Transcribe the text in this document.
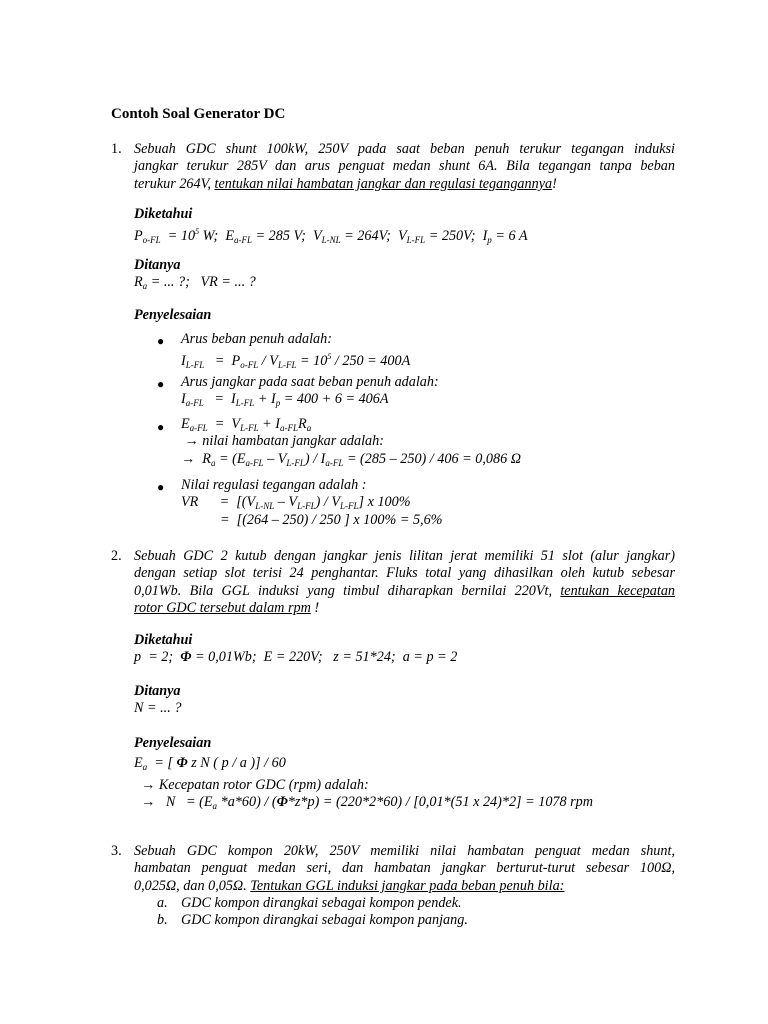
Contoh Soal Generator DC
1. Sebuah GDC shunt 100kW, 250V pada saat beban penuh terukur tegangan induksi
jangkar terukur 285V dan arus penguat medan shunt 6A. Bila tegangan tanpa beban
terukur 264V, tentukan nilai hambatan jangkar dan regulasi tegangannya!
Diketahui
$P_{o-FL} = 10^5$ W;  $E_{a-FL} = 285$ V;  $V_{L-NL} = 264V$;  $V_{L-FL} = 250V$;  $I_p = 6$ A
Ditanya
$R_a$ = ... ?;   VR = ... ?
Penyelesaian
● Arus beban penuh adalah:
$I_{L-FL} = P_{o-FL} / V_{L-FL} = 10^5 / 250 = 400A$
● Arus jangkar pada saat beban penuh adalah:
$I_{a-FL} = I_{L-FL} + I_p = 400 + 6 = 406A$
● $E_{a-FL} = V_{L-FL} + I_{a-FL}R_a$
→ nilai hambatan jangkar adalah:
→  $R_a = (E_{a-FL} - V_{L-FL}) / I_{a-FL} = (285 - 250) / 406 = 0,086$ Ω
● Nilai regulasi tegangan adalah :
VR      =  $[(V_{L-NL} - V_{L-FL}) / V_{L-FL}]$ x 100%
=  [(264 – 250) / 250 ] x 100% = 5,6%
2. Sebuah GDC 2 kutub dengan jangkar jenis lilitan jerat memiliki 51 slot (alur jangkar)
dengan setiap slot terisi 24 penghantar. Fluks total yang dihasilkan oleh kutub sebesar
0,01Wb. Bila GGL induksi yang timbul diharapkan bernilai 220Vt, tentukan kecepatan
rotor GDC tersebut dalam rpm !
Diketahui
p  = 2;  Φ = 0,01Wb;  E = 220V;   z = 51*24;  a = p = 2
Ditanya
N = ... ?
Penyelesaian
$E_a$  = [ Φ z N ( p / a )] / 60
→ Kecepatan rotor GDC (rpm) adalah:
→   $N = (E_a$ *a*60) / (Φ*z*p) = (220*2*60) / [0,01*(51 x 24)*2] = 1078 rpm
3. Sebuah GDC kompon 20kW, 250V memiliki nilai hambatan penguat medan shunt,
hambatan penguat medan seri, dan hambatan jangkar berturut-turut sebesar 100Ω,
0,025Ω, dan 0,05Ω. Tentukan GGL induksi jangkar pada beban penuh bila:
a. GDC kompon dirangkai sebagai kompon pendek.
b. GDC kompon dirangkai sebagai kompon panjang.
